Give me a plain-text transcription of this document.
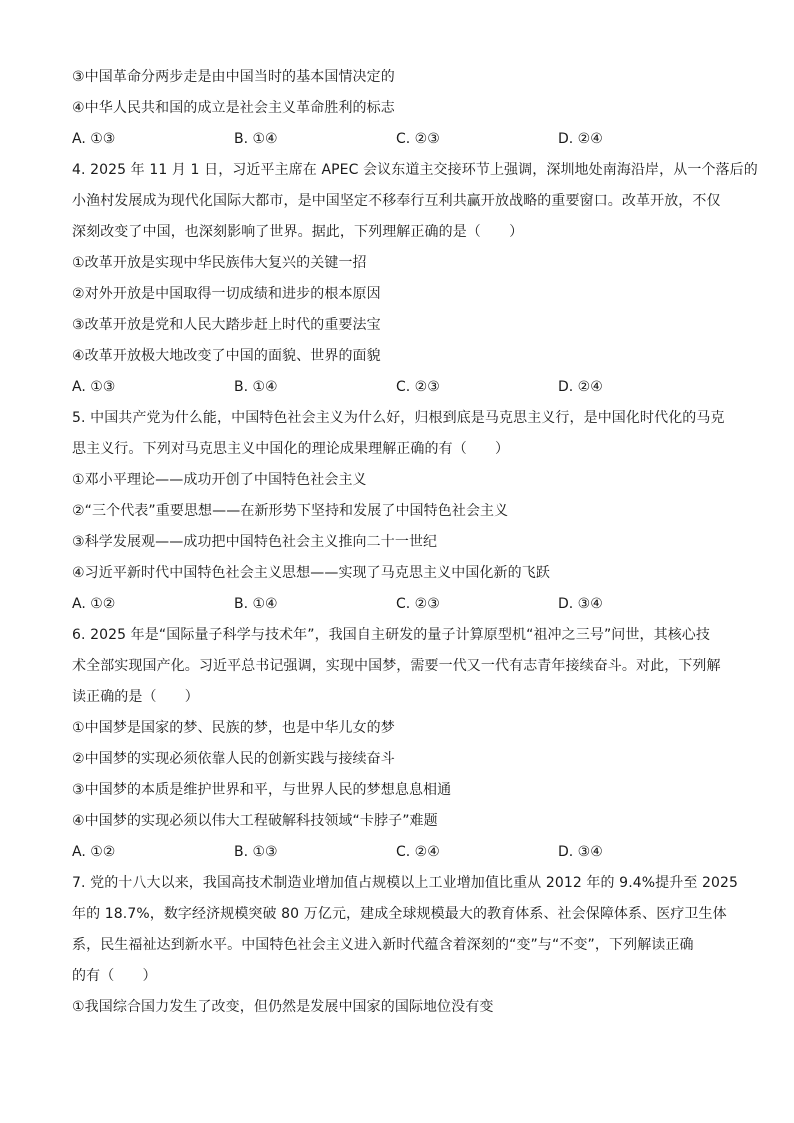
③中国革命分两步走是由中国当时的基本国情决定的
④中华人民共和国的成立是社会主义革命胜利的标志
A. ①③	B. ①④	C. ②③	D. ②④
4. 2025 年 11 月 1 日，习近平主席在 APEC 会议东道主交接环节上强调，深圳地处南海沿岸，从一个落后的
小渔村发展成为现代化国际大都市，是中国坚定不移奉行互利共赢开放战略的重要窗口。改革开放，不仅
深刻改变了中国，也深刻影响了世界。据此，下列理解正确的是（　　）
①改革开放是实现中华民族伟大复兴的关键一招
②对外开放是中国取得一切成绩和进步的根本原因
③改革开放是党和人民大踏步赶上时代的重要法宝
④改革开放极大地改变了中国的面貌、世界的面貌
A. ①③	B. ①④	C. ②③	D. ②④
5. 中国共产党为什么能，中国特色社会主义为什么好，归根到底是马克思主义行，是中国化时代化的马克
思主义行。下列对马克思主义中国化的理论成果理解正确的有（　　）
①邓小平理论——成功开创了中国特色社会主义
②“三个代表”重要思想——在新形势下坚持和发展了中国特色社会主义
③科学发展观——成功把中国特色社会主义推向二十一世纪
④习近平新时代中国特色社会主义思想——实现了马克思主义中国化新的飞跃
A. ①②	B. ①④	C. ②③	D. ③④
6. 2025 年是“国际量子科学与技术年”，我国自主研发的量子计算原型机“祖冲之三号”问世，其核心技
术全部实现国产化。习近平总书记强调，实现中国梦，需要一代又一代有志青年接续奋斗。对此，下列解
读正确的是（　　）
①中国梦是国家的梦、民族的梦，也是中华儿女的梦
②中国梦的实现必须依靠人民的创新实践与接续奋斗
③中国梦的本质是维护世界和平，与世界人民的梦想息息相通
④中国梦的实现必须以伟大工程破解科技领域“卡脖子”难题
A. ①②	B. ①③	C. ②④	D. ③④
7. 党的十八大以来，我国高技术制造业增加值占规模以上工业增加值比重从 2012 年的 9.4%提升至 2025
年的 18.7%，数字经济规模突破 80 万亿元，建成全球规模最大的教育体系、社会保障体系、医疗卫生体
系，民生福祉达到新水平。中国特色社会主义进入新时代蕴含着深刻的“变”与“不变”，下列解读正确
的有（　　）
①我国综合国力发生了改变，但仍然是发展中国家的国际地位没有变
